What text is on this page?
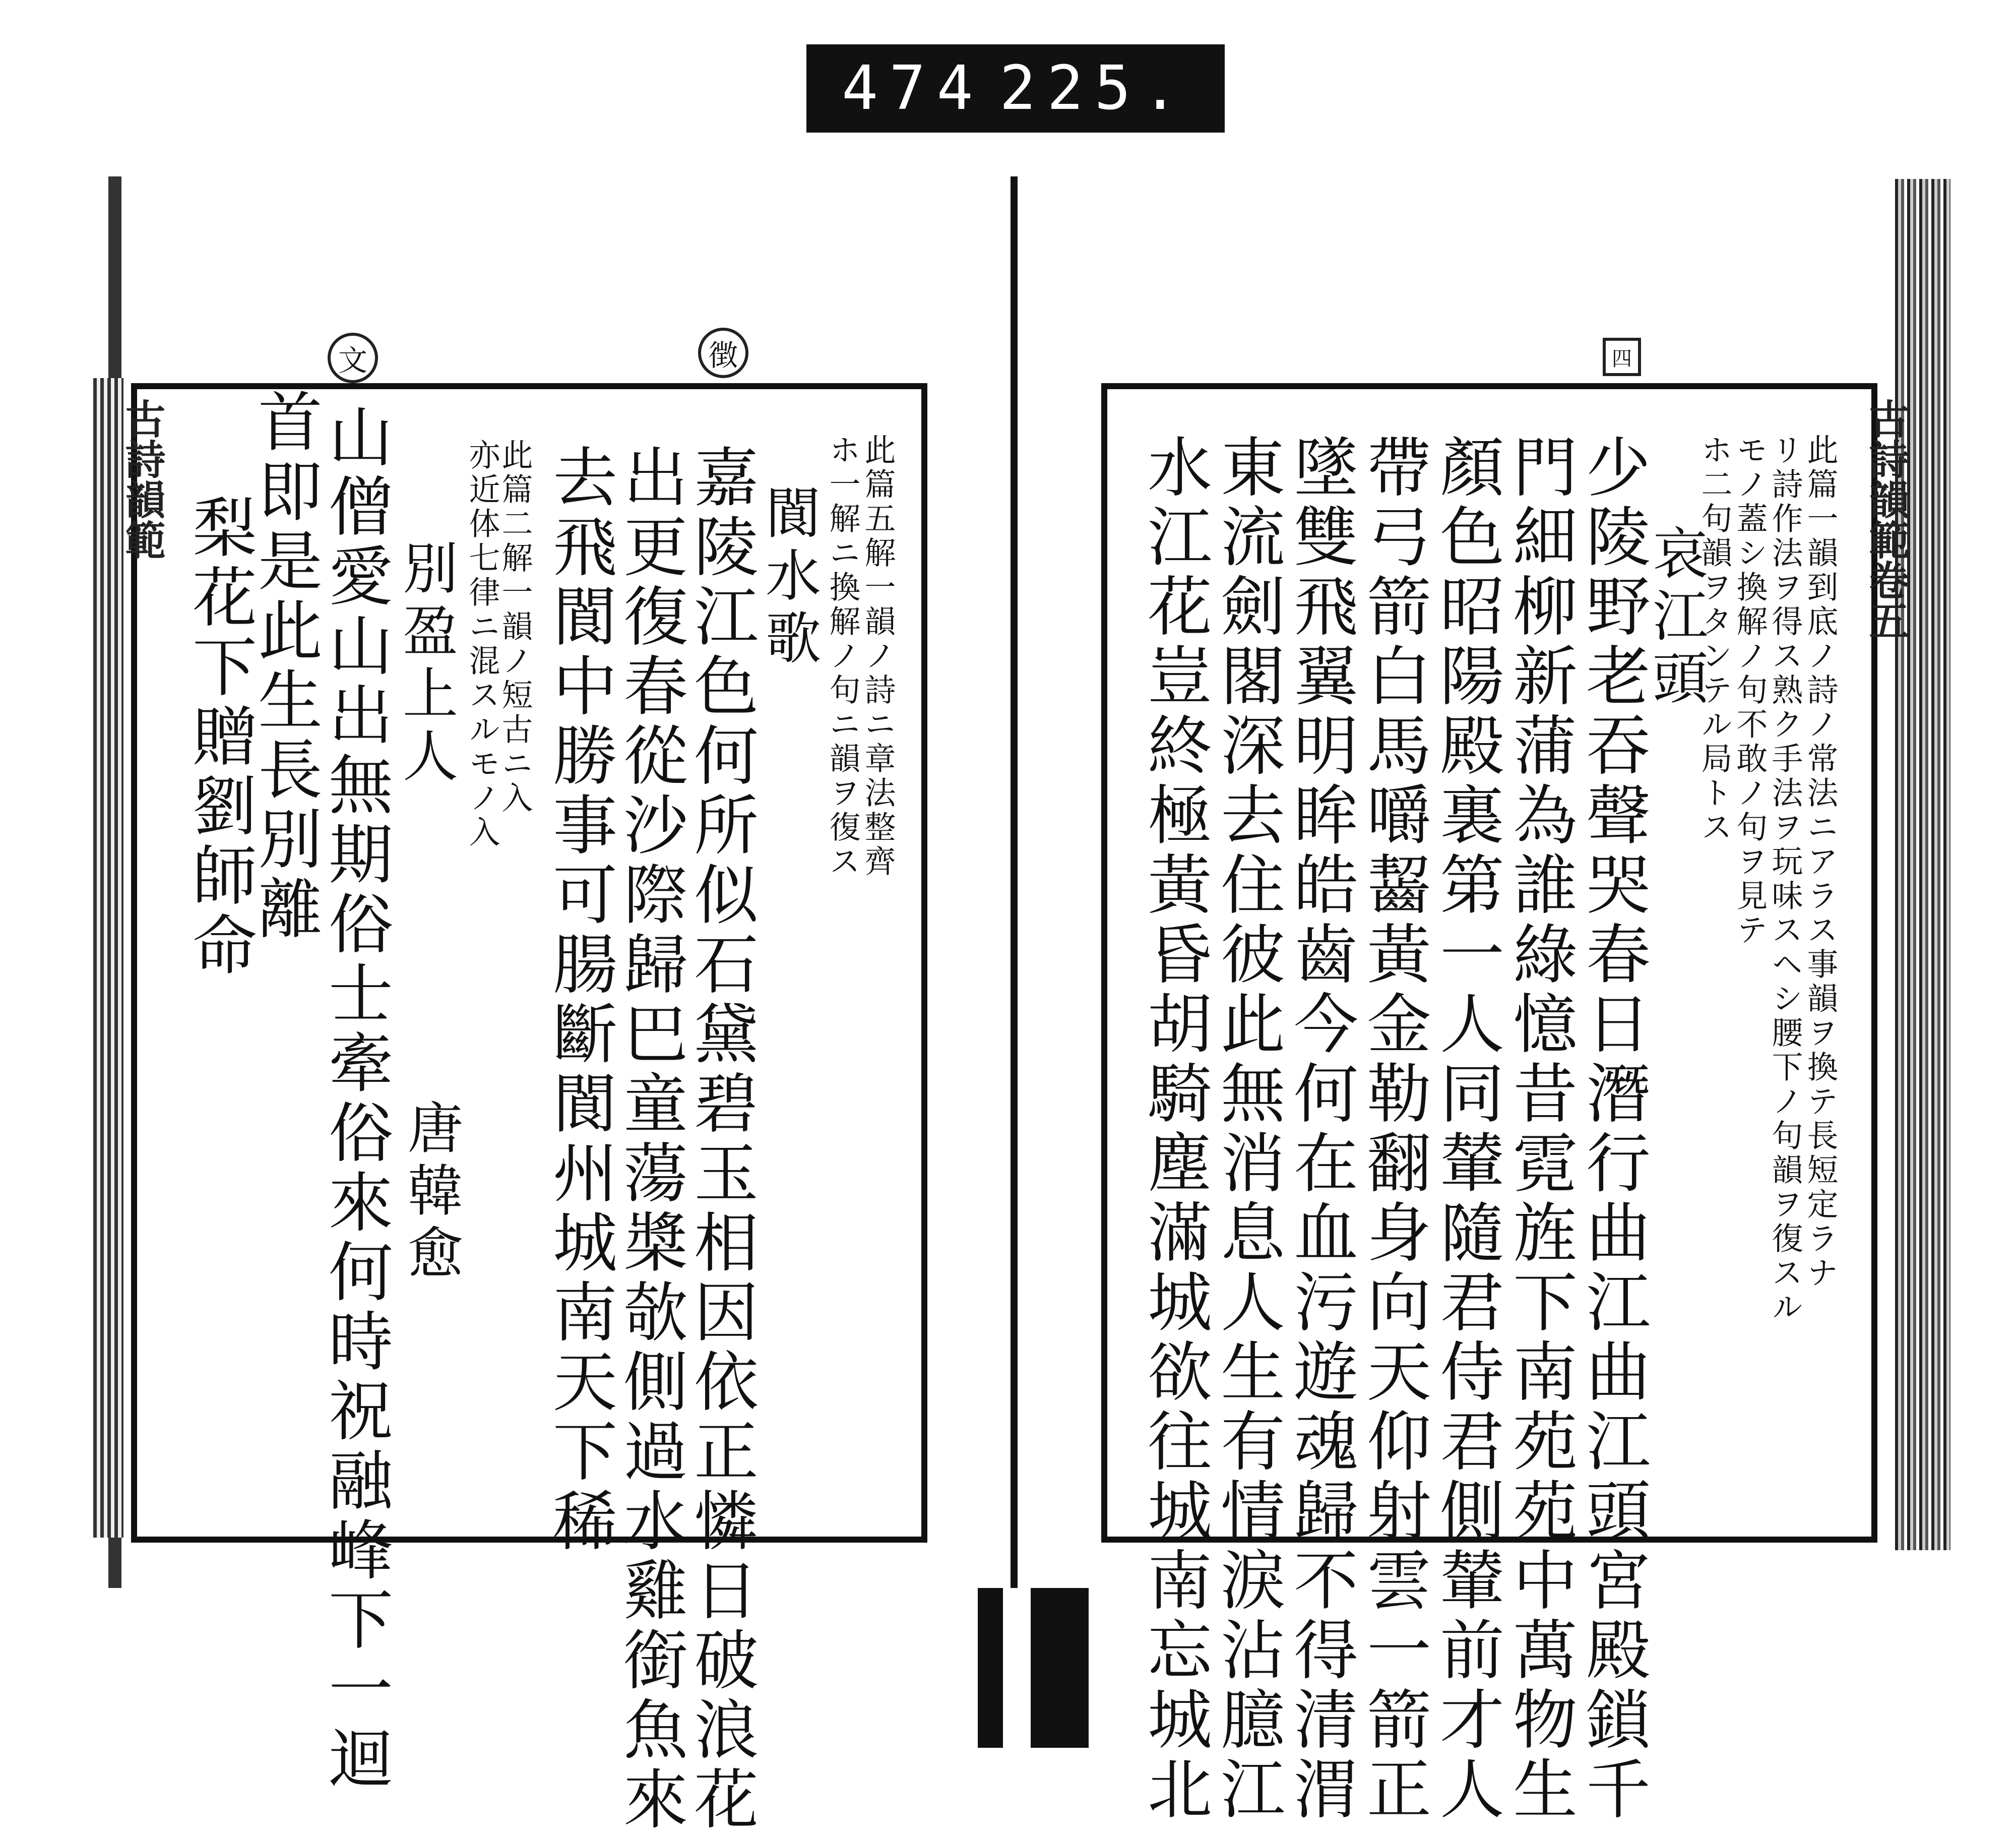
474 225.
文	徴
古詩韻範	此篇五解一韻ノ詩ニ章法整齊
ホ一解ニ換解ノ句ニ韻ヲ復ス
閬水歌
嘉陵江色何所似石黛碧玉相因依正憐日破浪花
出更復春從沙際歸巴童蕩槳欹側過水雞銜魚來
去飛閬中勝事可腸斷閬州城南天下稀
此篇二解一韻ノ短古ニ入
亦近体七律ニ混スルモノ入
別盈上人
唐韓愈
山僧愛山出無期俗士牽俗來何時祝融峰下一迴
首即是此生長別離
梨花下贈劉師命
四
古詩韻範卷五
此篇一韻到底ノ詩ノ常法ニアラス事韻ヲ換テ長短定ラナ
リ詩作法ヲ得ス熟ク手法ヲ玩味スヘシ腰下ノ句韻ヲ復スル
モノ蓋シ換解ノ句不敢ノ句ヲ見テ
ホ二句韻ヲタンテル局トス
哀江頭
少陵野老吞聲哭春日潛行曲江曲江頭宮殿鎖千
門細柳新蒲為誰綠憶昔霓旌下南苑苑中萬物生
顏色昭陽殿裏第一人同輦隨君侍君側輦前才人
帶弓箭白馬嚼齧黃金勒翻身向天仰射雲一箭正
墜雙飛翼明眸皓齒今何在血污遊魂歸不得清渭
東流劍閣深去住彼此無消息人生有情淚沾臆江
水江花豈終極黃昏胡騎塵滿城欲往城南忘城北
